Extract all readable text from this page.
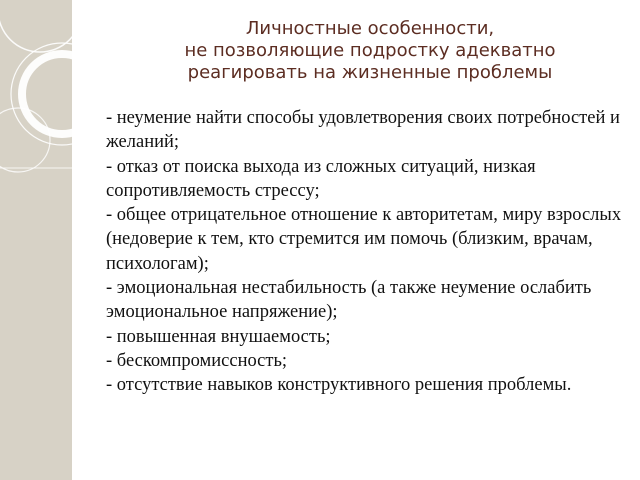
Личностные особенности,
не позволяющие подростку адекватно
реагировать на жизненные проблемы
- неумение найти способы удовлетворения своих потребностей и желаний;
- отказ от поиска выхода из сложных ситуаций, низкая сопротивляемость стрессу;
- общее отрицательное отношение к авторитетам, миру взрослых (недоверие к тем, кто стремится им помочь (близким, врачам, психологам);
- эмоциональная нестабильность (а также неумение ослабить эмоциональное напряжение);
- повышенная внушаемость;
- бескомпромиссность;
- отсутствие навыков конструктивного решения проблемы.
